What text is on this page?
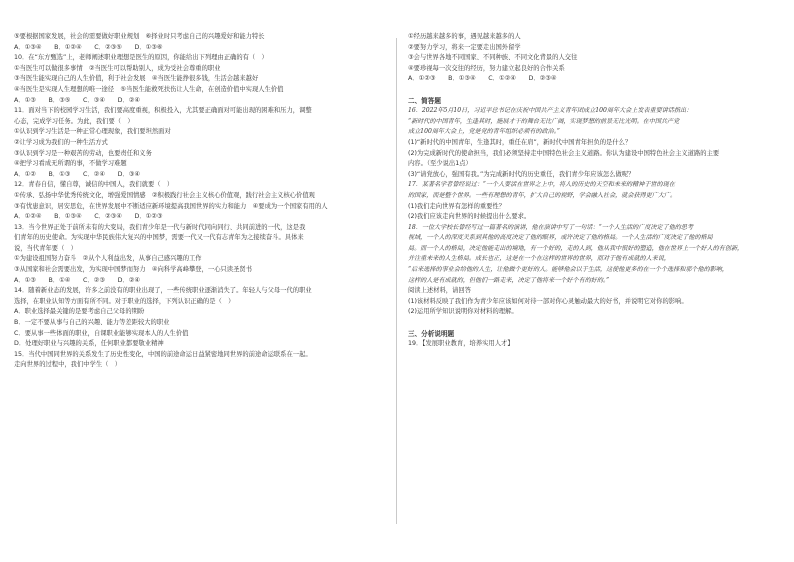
⑤要根据国家发展，社会的需要做好职业规划　⑥择业时只考虑自己的兴趣爱好和能力特长
A．①③④　　B．①②④　　C．②③⑤　　D．①③⑥
10．在“东方甄选”上，老师阐述职业理想是医生的原因，你能给出下列理由正确的有（　）
①当医生可以做很多事情　②当医生可以帮助别人，成为受社会尊重的职业
③当医生能实现自己的人生价值，利于社会发展　④当医生能挣很多钱，生活会越来越好
④当医生是实现人生理想的唯一途径　⑤当医生能救死扶伤让人生命，在创造价值中实现人生价值
A．①③　　B．③⑤　　C．③④　　D．②④
11．面对当下的校园学习生活，我们要高度重视，积极投入，尤其要正确面对可能出现的困难和压力，调整
心态，完成学习任务。为此，我们要（　）
①认识到学习生活是一种正常心理现象，我们要坦然面对
②让学习成为我们的一种生活方式
③认识到学习是一种艰苦的劳动，也要责任和义务
④把学习看成无所谓的事，不做学习难题
A．①②　　B．①③　　C．②④　　D．③④
12．青春自信，懂自尊，诚信的中国人，我们就要（　）
①传承、弘扬中华优秀传统文化，增强爱国情感　②积极践行社会主义核心价值观，践行社会主义核心价值观
③有忧患意识，居安思危，在世界发展中不断适应新环境提高我国世界的实力和能力　④要成为一个国家有用的人
A．①②④　　B．①③④　　C．②③④　　D．①②③
13．当今世界正处于前所未有的大变局，我们青少年是一代与新时代同向同行、共同前进的一代，这是我
们青年的历史使命。为实现中华民族伟大复兴的中国梦，需要一代又一代有志青年为之接续奋斗。具体来
说，当代青年要（　）
①为建设祖国努力奋斗　②从个人利益出发，从事自己感兴趣的工作
③从国家和社会需要出发，为实现中国梦而努力　④向科学高峰攀登，一心只读圣贤书
A．①③　　B．①④　　C．②③　　D．②④
14．随着新业态的发展，许多之前没有的职业出现了，一些传统职业逐渐消失了。年轻人与父母一代的职业
选择，在职业认知等方面有所不同。对于职业的选择，下列认识正确的是（　）
A．职业选择最关键的是要考虑自己父母的期盼
B．一定不要从事与自己的兴趣、能力等差距较大的职业
C．要从事一些体面的职业，自课职业能够实现本人的人生价值
D．处理好职业与兴趣的关系，任何职业都要敬业精神
15．当代中国同世界的关系发生了历史性变化，中国的前途命运日益紧密地同世界的前途命运联系在一起。
走向世界的过程中，我们中学生（　）
①经历越来越多的事，遇见越来越多的人
②要努力学习，将来一定要走出国外留学
③会与世界各地不同国家、不同种族、不同文化背景的人交往
④要珍视每一次交往的经历，努力建立起良好的合作关系
A．①②③　　B．①③④　　C．①②④　　D．②③④
二、简答题
16．2022年5月10日，习近平总书记在庆祝中国共产主义青年团成立100周年大会上发表重要讲话指出：
“新时代的中国青年，生逢其时，施展才干的舞台无比广阔，实现梦想的前景无比光明。在中国共产党
成立100周年大会上，党是党的青年组织必须有的政治。”
(1)“新时代的中国青年，生逢其时，重任在肩”，新时代中国青年担负的是什么？
(2)为完成新时代的使命担当，我们必须坚持走中国特色社会主义道路。你认为建设中国特色社会主义道路的主要
内容。（至少说出1点）
(3)“请党放心，强国有我。”为完成新时代的历史重任，我们青少年应该怎么做呢？
17．某著名学者曾经说过：“一个人要活在世界之上中，将人的历史的天空和未来的精神于世的现在
的国家，而是整个世界。一些有理想的青年，扩大自己的视野，学会融入社会，就会获得更广大广。
(1)我们走向世界有怎样的重要性？
(2)我们应该走向世界的时候提出什么要求。
18．一位大学校长曾经写过一篇著名的演讲，他在演讲中写了一句话：“一个人生活的广度决定了他的思考
视域，一个人的深度关系到其他的高度决定了他的眼界，或许决定了他的格局。一个人生活的广度决定了他的格局
局。而一个人的格局，决定他能走出的境地，有一个好的，走的人到，他从我中很好的塑造，他在世界上一个好人的有创新，
并注重未来的人生格局。成长也正，这是在一个在这样的世界的世界，而对于他有成就的人来说，
“后来选择的事业会给他的人生，让他做个更好的人。能够他会以于生活，这使他更多的在一个个选择和那个他的影响，
这样的人是有成就的，但他们一路走来，决定了他将来一个好个有的好的。”
阅读上述材料，请回答
(1)该材料反映了我们作为青少年应该如何对待一部对你心灵触动最大的好书，并说明它对你的影响。
(2)运用所学知识说明你对材料的理解。
三、分析说明题
19．【发展职业教育，培养实用人才】
